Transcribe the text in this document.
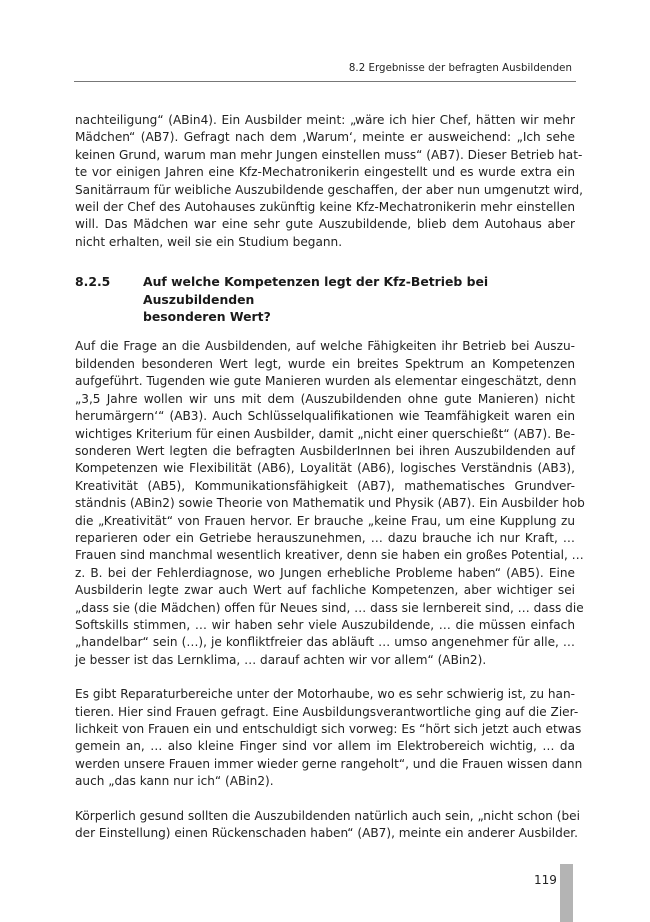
8.2 Ergebnisse der befragten Ausbildenden

nachteiligung“ (ABin4). Ein Ausbilder meint: „wäre ich hier Chef, hätten wir mehr
Mädchen“ (AB7). Gefragt nach dem ‚Warum‘, meinte er ausweichend: „Ich sehe
keinen Grund, warum man mehr Jungen einstellen muss“ (AB7). Dieser Betrieb hat-
te vor einigen Jahren eine Kfz-Mechatronikerin eingestellt und es wurde extra ein
Sanitärraum für weibliche Auszubildende geschaffen, der aber nun umgenutzt wird,
weil der Chef des Autohauses zukünftig keine Kfz-Mechatronikerin mehr einstellen
will. Das Mädchen war eine sehr gute Auszubildende, blieb dem Autohaus aber
nicht erhalten, weil sie ein Studium begann.

8.2.5	Auf welche Kompetenzen legt der Kfz-Betrieb bei Auszubildenden
besonderen Wert?

Auf die Frage an die Ausbildenden, auf welche Fähigkeiten ihr Betrieb bei Auszu-
bildenden besonderen Wert legt, wurde ein breites Spektrum an Kompetenzen
aufgeführt. Tugenden wie gute Manieren wurden als elementar eingeschätzt, denn
„3,5 Jahre wollen wir uns mit dem (Auszubildenden ohne gute Manieren) nicht
herumärgern‘“ (AB3). Auch Schlüsselqualifikationen wie Teamfähigkeit waren ein
wichtiges Kriterium für einen Ausbilder, damit „nicht einer querschießt“ (AB7). Be-
sonderen Wert legten die befragten AusbilderInnen bei ihren Auszubildenden auf
Kompetenzen wie Flexibilität (AB6), Loyalität (AB6), logisches Verständnis (AB3),
Kreativität (AB5), Kommunikationsfähigkeit (AB7), mathematisches Grundver-
ständnis (ABin2) sowie Theorie von Mathematik und Physik (AB7). Ein Ausbilder hob
die „Kreativität“ von Frauen hervor. Er brauche „keine Frau, um eine Kupplung zu
reparieren oder ein Getriebe herauszunehmen, … dazu brauche ich nur Kraft, …
Frauen sind manchmal wesentlich kreativer, denn sie haben ein großes Potential, …
z. B. bei der Fehlerdiagnose, wo Jungen erhebliche Probleme haben“ (AB5). Eine
Ausbilderin legte zwar auch Wert auf fachliche Kompetenzen, aber wichtiger sei
„dass sie (die Mädchen) offen für Neues sind, … dass sie lernbereit sind, … dass die
Softskills stimmen, … wir haben sehr viele Auszubildende, … die müssen einfach
„handelbar“ sein (…), je konfliktfreier das abläuft … umso angenehmer für alle, …
je besser ist das Lernklima, … darauf achten wir vor allem“ (ABin2).

Es gibt Reparaturbereiche unter der Motorhaube, wo es sehr schwierig ist, zu han-
tieren. Hier sind Frauen gefragt. Eine Ausbildungsverantwortliche ging auf die Zier-
lichkeit von Frauen ein und entschuldigt sich vorweg: Es “hört sich jetzt auch etwas
gemein an, … also kleine Finger sind vor allem im Elektrobereich wichtig, … da
werden unsere Frauen immer wieder gerne rangeholt“, und die Frauen wissen dann
auch „das kann nur ich“ (ABin2).

Körperlich gesund sollten die Auszubildenden natürlich auch sein, „nicht schon (bei
der Einstellung) einen Rückenschaden haben“ (AB7), meinte ein anderer Ausbilder.

119
